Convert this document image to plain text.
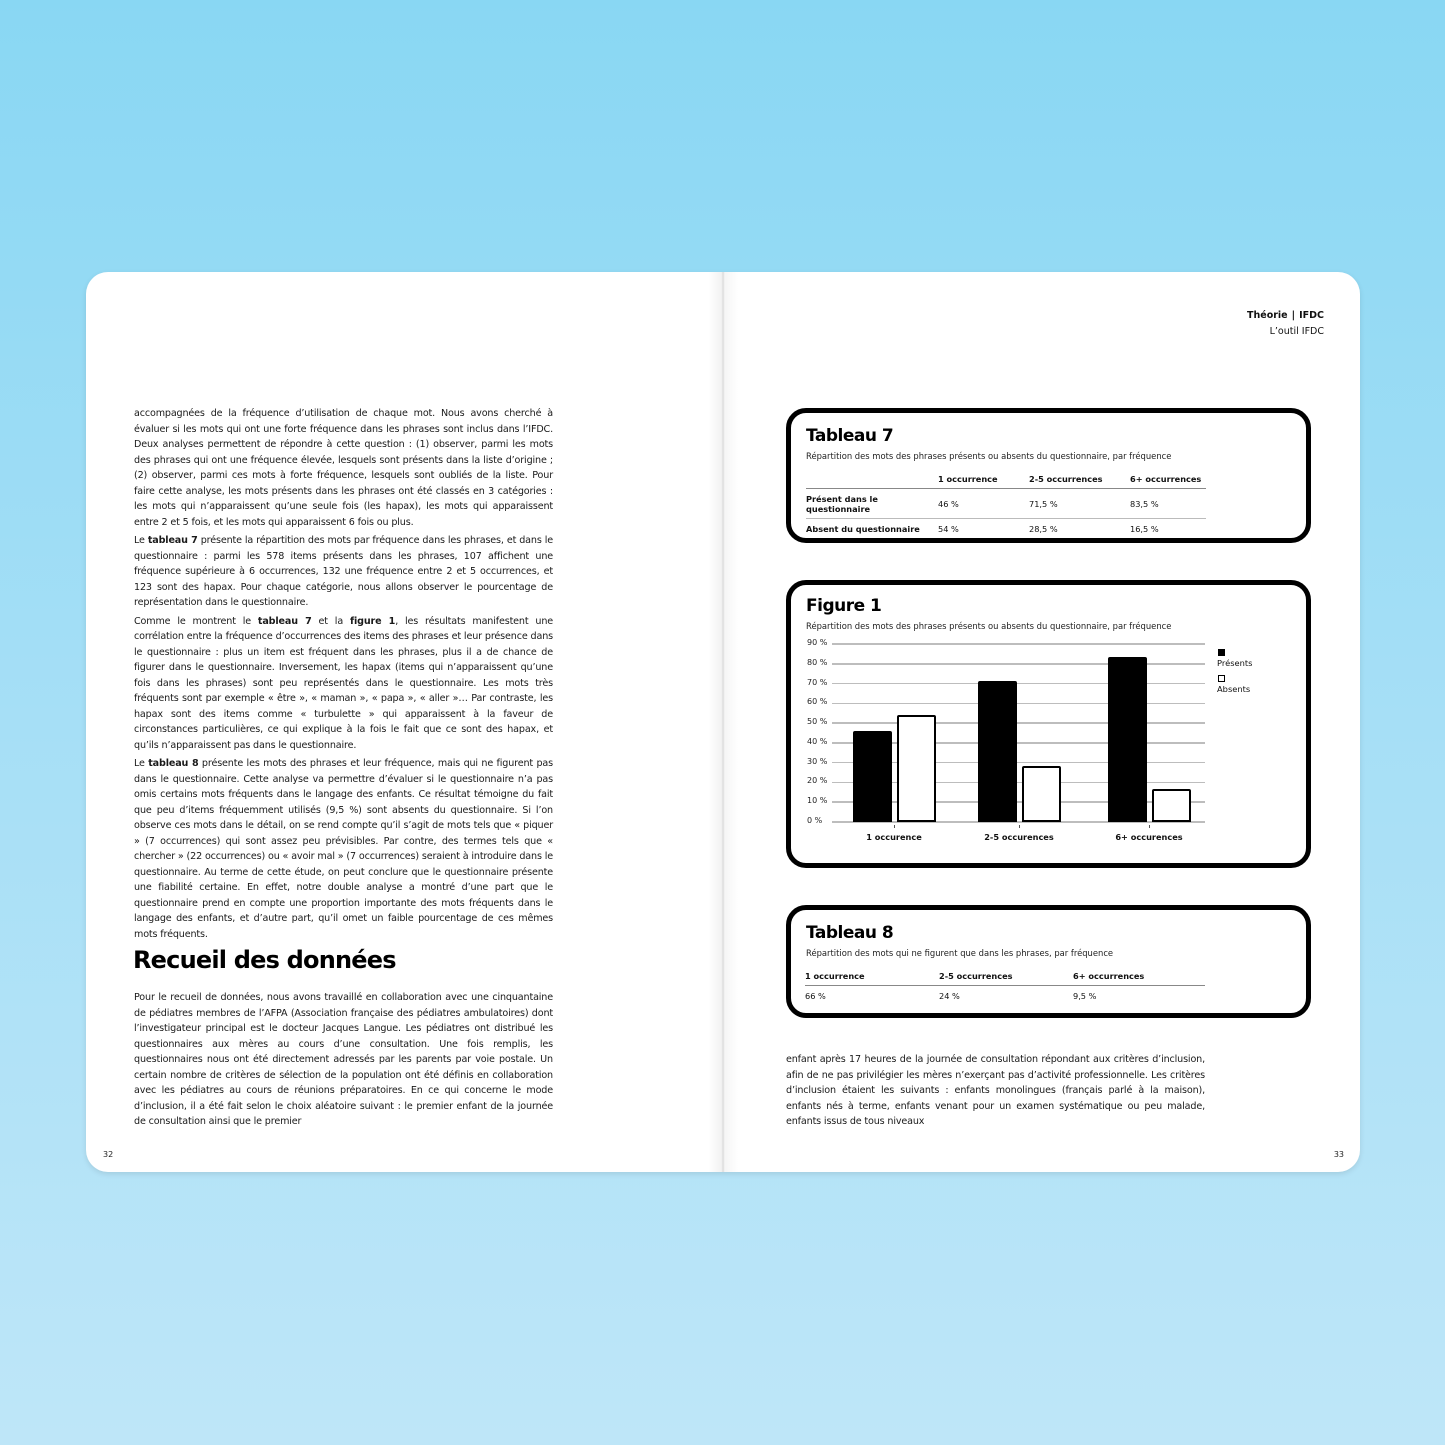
accompagnées de la fréquence d’utilisation de chaque mot. Nous avons cherché à évaluer si les mots qui ont une forte fréquence dans les phrases sont inclus dans l’IFDC. Deux analyses permettent de répondre à cette question : (1) observer, parmi les mots des phrases qui ont une fréquence élevée, lesquels sont présents dans la liste d’origine ; (2) observer, parmi ces mots à forte fréquence, lesquels sont oubliés de la liste. Pour faire cette analyse, les mots présents dans les phrases ont été classés en 3 catégories : les mots qui n’apparaissent qu’une seule fois (les hapax), les mots qui apparaissent entre 2 et 5 fois, et les mots qui apparaissent 6 fois ou plus.

Le tableau 7 présente la répartition des mots par fréquence dans les phrases, et dans le questionnaire : parmi les 578 items présents dans les phrases, 107 affichent une fréquence supérieure à 6 occurrences, 132 une fréquence entre 2 et 5 occurrences, et 123 sont des hapax. Pour chaque catégorie, nous allons observer le pourcentage de représentation dans le questionnaire.

Comme le montrent le tableau 7 et la figure 1, les résultats manifestent une corrélation entre la fréquence d’occurrences des items des phrases et leur présence dans le questionnaire : plus un item est fréquent dans les phrases, plus il a de chance de figurer dans le questionnaire. Inversement, les hapax (items qui n’apparaissent qu’une fois dans les phrases) sont peu représentés dans le questionnaire. Les mots très fréquents sont par exemple « être », « maman », « papa », « aller »… Par contraste, les hapax sont des items comme « turbulette » qui apparaissent à la faveur de circonstances particulières, ce qui explique à la fois le fait que ce sont des hapax, et qu’ils n’apparaissent pas dans le questionnaire.

Le tableau 8 présente les mots des phrases et leur fréquence, mais qui ne figurent pas dans le questionnaire. Cette analyse va permettre d’évaluer si le questionnaire n’a pas omis certains mots fréquents dans le langage des enfants. Ce résultat témoigne du fait que peu d’items fréquemment utilisés (9,5 %) sont absents du questionnaire. Si l’on observe ces mots dans le détail, on se rend compte qu’il s’agit de mots tels que « piquer » (7 occurrences) qui sont assez peu prévisibles. Par contre, des termes tels que « chercher » (22 occurrences) ou « avoir mal » (7 occurrences) seraient à introduire dans le questionnaire. Au terme de cette étude, on peut conclure que le questionnaire présente une fiabilité certaine. En effet, notre double analyse a montré d’une part que le questionnaire prend en compte une proportion importante des mots fréquents dans le langage des enfants, et d’autre part, qu’il omet un faible pourcentage de ces mêmes mots fréquents.

Recueil des données

Pour le recueil de données, nous avons travaillé en collaboration avec une cinquantaine de pédiatres membres de l’AFPA (Association française des pédiatres ambulatoires) dont l’investigateur principal est le docteur Jacques Langue. Les pédiatres ont distribué les questionnaires aux mères au cours d’une consultation. Une fois remplis, les questionnaires nous ont été directement adressés par les parents par voie postale. Un certain nombre de critères de sélection de la population ont été définis en collaboration avec les pédiatres au cours de réunions préparatoires. En ce qui concerne le mode d’inclusion, il a été fait selon le choix aléatoire suivant : le premier enfant de la journée de consultation ainsi que le premier

32
Théorie | IFDC
L’outil IFDC
Tableau 7
Répartition des mots des phrases présents ou absents du questionnaire, par fréquence
	1 occurrence	2-5 occurrences	6+ occurrences
Présent dans le questionnaire	46 %	71,5 %	83,5 %
Absent du questionnaire	54 %	28,5 %	16,5 %
Figure 1
Répartition des mots des phrases présents ou absents du questionnaire, par fréquence
0 %
10 %
20 %
30 %
40 %
50 %
60 %
70 %
80 %
90 %
1 occurence	2-5 occurences	6+ occurences
Présents
Absents
Tableau 8
Répartition des mots qui ne figurent que dans les phrases, par fréquence
1 occurrence	2-5 occurrences	6+ occurrences
66 %	24 %	9,5 %

enfant après 17 heures de la journée de consultation répondant aux critères d’inclusion, afin de ne pas privilégier les mères n’exerçant pas d’activité professionnelle. Les critères d’inclusion étaient les suivants : enfants monolingues (français parlé à la maison), enfants nés à terme, enfants venant pour un examen systématique ou peu malade, enfants issus de tous niveaux

33
